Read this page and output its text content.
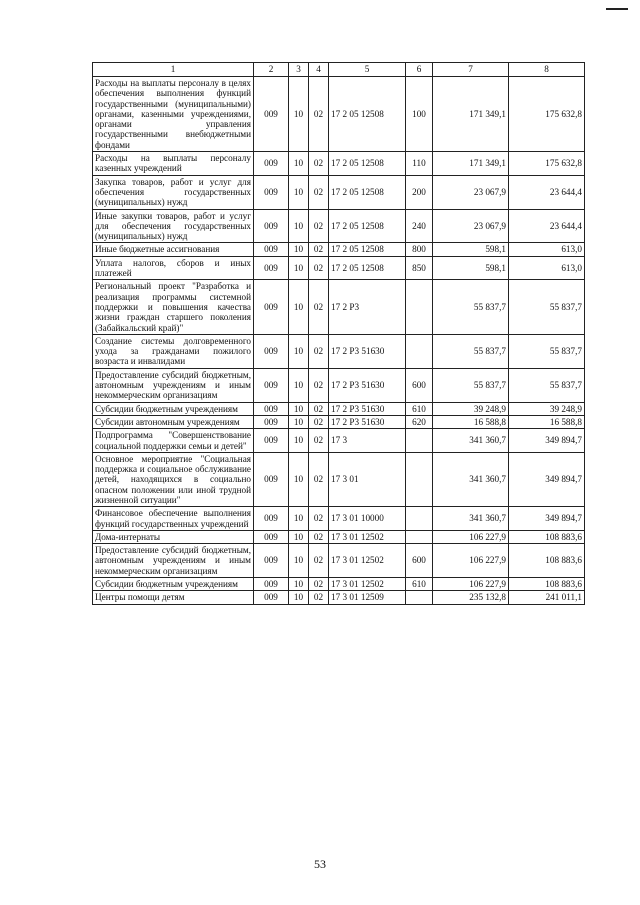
1	2	3	4	5	6	7	8
Расходы на выплаты персоналу в целях обеспечения выполнения функций государственными (муниципальными) органами, казенными учреждениями, органами управления государственными внебюджетными фондами	009	10	02	17 2 05 12508	100	171 349,1	175 632,8
Расходы на выплаты персоналу казенных учреждений	009	10	02	17 2 05 12508	110	171 349,1	175 632,8
Закупка товаров, работ и услуг для обеспечения государственных (муниципальных) нужд	009	10	02	17 2 05 12508	200	23 067,9	23 644,4
Иные закупки товаров, работ и услуг для обеспечения государственных (муниципальных) нужд	009	10	02	17 2 05 12508	240	23 067,9	23 644,4
Иные бюджетные ассигнования	009	10	02	17 2 05 12508	800	598,1	613,0
Уплата налогов, сборов и иных платежей	009	10	02	17 2 05 12508	850	598,1	613,0
Региональный проект "Разработка и реализация программы системной поддержки и повышения качества жизни граждан старшего поколения (Забайкальский край)"	009	10	02	17 2 P3		55 837,7	55 837,7
Создание системы долговременного ухода за гражданами пожилого возраста и инвалидами	009	10	02	17 2 P3 51630		55 837,7	55 837,7
Предоставление субсидий бюджетным, автономным учреждениям и иным некоммерческим организациям	009	10	02	17 2 P3 51630	600	55 837,7	55 837,7
Субсидии бюджетным учреждениям	009	10	02	17 2 P3 51630	610	39 248,9	39 248,9
Субсидии автономным учреждениям	009	10	02	17 2 P3 51630	620	16 588,8	16 588,8
Подпрограмма "Совершенствование социальной поддержки семьи и детей"	009	10	02	17 3		341 360,7	349 894,7
Основное мероприятие "Социальная поддержка и социальное обслуживание детей, находящихся в социально опасном положении или иной трудной жизненной ситуации"	009	10	02	17 3 01		341 360,7	349 894,7
Финансовое обеспечение выполнения функций государственных учреждений	009	10	02	17 3 01 10000		341 360,7	349 894,7
Дома-интернаты	009	10	02	17 3 01 12502		106 227,9	108 883,6
Предоставление субсидий бюджетным, автономным учреждениям и иным некоммерческим организациям	009	10	02	17 3 01 12502	600	106 227,9	108 883,6
Субсидии бюджетным учреждениям	009	10	02	17 3 01 12502	610	106 227,9	108 883,6
Центры помощи детям	009	10	02	17 3 01 12509		235 132,8	241 011,1
53
